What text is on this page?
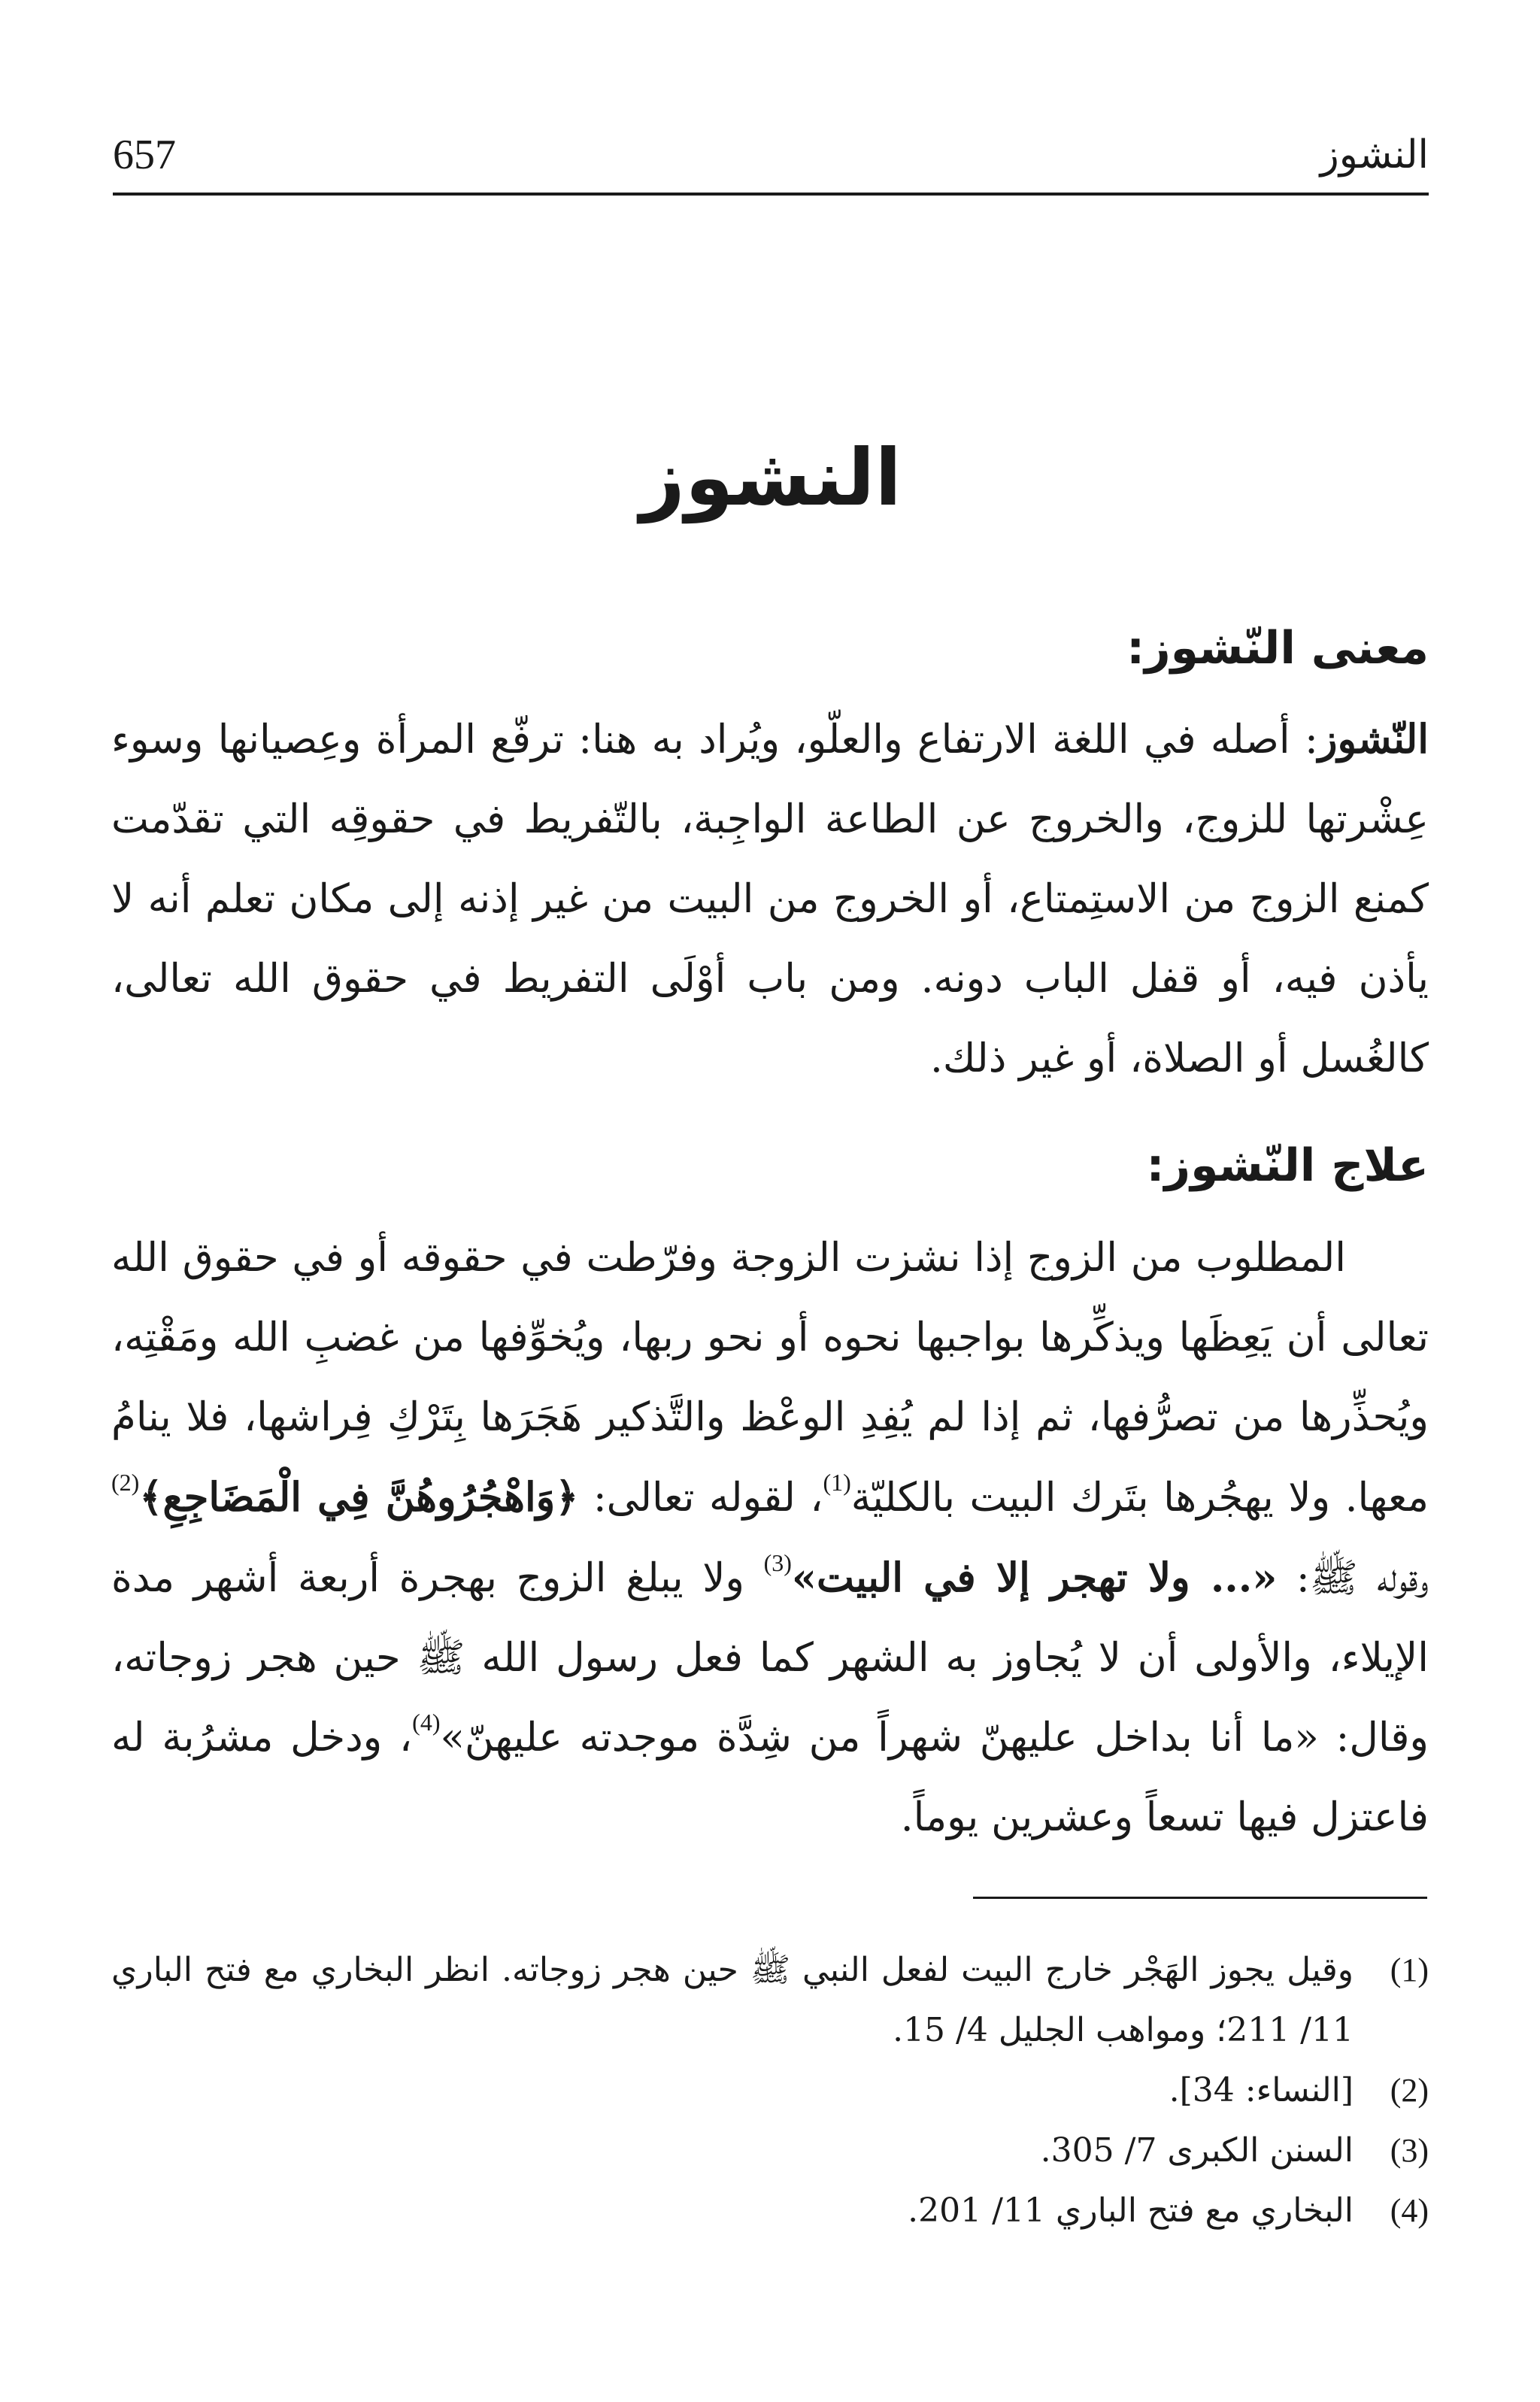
النشوز
657
النشوز
معنى النّشوز:
النّشوز: أصله في اللغة الارتفاع والعلّو، ويُراد به هنا: ترفّع المرأة وعِصيانها وسوء عِشْرتها للزوج، والخروج عن الطاعة الواجِبة، بالتّفريط في حقوقِه التي تقدّمت كمنع الزوج من الاستِمتاع، أو الخروج من البيت من غير إذنه إلى مكان تعلم أنه لا يأذن فيه، أو قفل الباب دونه. ومن باب أوْلَى التفريط في حقوق الله تعالى، كالغُسل أو الصلاة، أو غير ذلك.
علاج النّشوز:
المطلوب من الزوج إذا نشزت الزوجة وفرّطت في حقوقه أو في حقوق الله تعالى أن يَعِظَها ويذكِّرها بواجبها نحوه أو نحو ربها، ويُخوِّفها من غضبِ الله ومَقْتِه، ويُحذِّرها من تصرُّفها، ثم إذا لم يُفِدِ الوعْظ والتَّذكير هَجَرَها بِتَرْكِ فِراشها، فلا ينامُ معها. ولا يهجُرها بتَرك البيت بالكليّة$^{(1)}$، لقوله تعالى: ﴿وَاهْجُرُوهُنَّ فِي الْمَضَاجِعِ﴾$^{(2)}$ وقوله ﷺ: «... ولا تهجر إلا في البيت»$^{(3)}$ ولا يبلغ الزوج بهجرة أربعة أشهر مدة الإيلاء، والأولى أن لا يُجاوز به الشهر كما فعل رسول الله ﷺ حين هجر زوجاته، وقال: «ما أنا بداخل عليهنّ شهراً من شِدَّة موجدته عليهنّ»$^{(4)}$، ودخل مشرُبة له فاعتزل فيها تسعاً وعشرين يوماً.
(1)
وقيل يجوز الهَجْر خارج البيت لفعل النبي ﷺ حين هجر زوجاته. انظر البخاري مع فتح الباري 11/ 211؛ ومواهب الجليل 4/ 15.
(2)
[النساء: 34].
(3)
السنن الكبرى 7/ 305.
(4)
البخاري مع فتح الباري 11/ 201.
